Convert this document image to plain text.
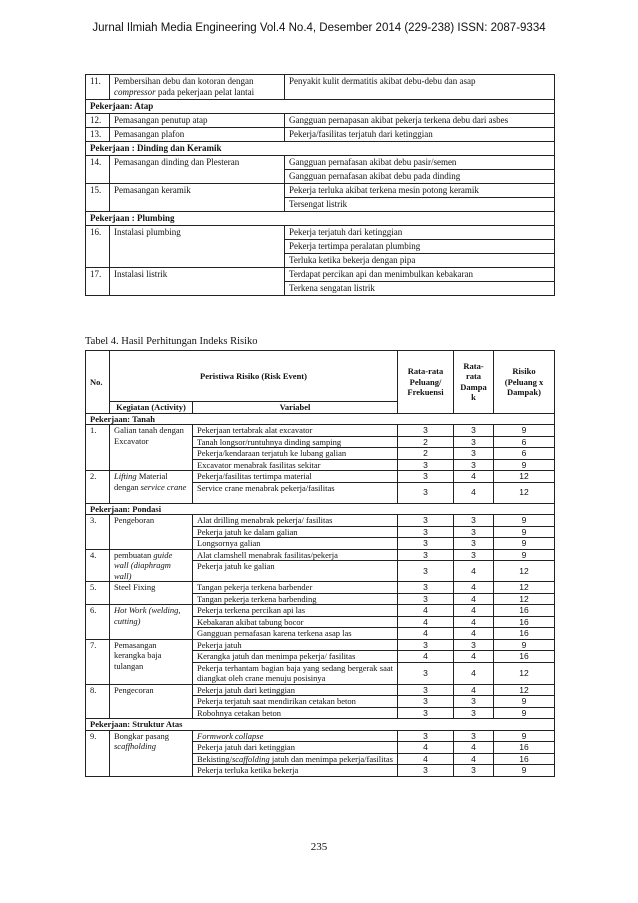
Jurnal Ilmiah Media Engineering Vol.4 No.4, Desember 2014 (229-238) ISSN: 2087-9334
11.	Pembersihan debu dan kotoran dengan compressor pada pekerjaan pelat lantai	Penyakit kulit dermatitis akibat debu-debu dan asap
Pekerjaan: Atap		
12.	Pemasangan penutup atap	Gangguan pernapasan akibat pekerja terkena debu dari asbes
13.	Pemasangan plafon	Pekerja/fasilitas terjatuh dari ketinggian
Pekerjaan : Dinding dan Keramik		
14.	Pemasangan dinding dan Plesteran	Gangguan pernafasan akibat debu pasir/semen
		Gangguan pernafasan akibat debu pada dinding
15.	Pemasangan keramik	Pekerja terluka akibat terkena mesin potong keramik
		Tersengat listrik
Pekerjaan : Plumbing		
16.	Instalasi plumbing	Pekerja terjatuh dari ketinggian
		Pekerja tertimpa peralatan plumbing
		Terluka ketika bekerja dengan pipa
17.	Instalasi listrik	Terdapat percikan api dan menimbulkan kebakaran
		Terkena sengatan listrik
Tabel 4. Hasil Perhitungan Indeks Risiko
No.	Peristiwa Risiko (Risk Event)		Rata-rata Peluang/ Frekuensi	Rata-rata Dampa k	Risiko (Peluang x Dampak)
	Kegiatan (Activity)	Variabel			
Pekerjaan: Tanah					
1.	Galian tanah dengan Excavator	Pekerjaan tertabrak alat excavator	3	3	9
		Tanah longsor/runtuhnya dinding samping	2	3	6
		Pekerja/kendaraan terjatuh ke lubang galian	2	3	6
		Excavator menabrak fasilitas sekitar	3	3	9
2.	Lifting Material dengan service crane	Pekerja/fasilitas tertimpa material	3	4	12
		Service crane menabrak pekerja/fasilitas	3	4	12
Pekerjaan: Pondasi					
3.	Pengeboran	Alat drilling menabrak pekerja/ fasilitas	3	3	9
		Pekerja jatuh ke dalam galian	3	3	9
		Longsornya galian	3	3	9
4.	pembuatan guide wall (diaphragm wall)	Alat clamshell menabrak fasilitas/pekerja	3	3	9
		Pekerja jatuh ke galian	3	4	12
5.	Steel Fixing	Tangan pekerja terkena barbender	3	4	12
		Tangan pekerja terkena barbending	3	4	12
6.	Hot Work (welding, cutting)	Pekerja terkena percikan api las	4	4	16
		Kebakaran akibat tabung bocor	4	4	16
		Gangguan pernafasan karena terkena asap las	4	4	16
7.	Pemasangan kerangka baja tulangan	Pekerja jatuh	3	3	9
		Kerangka jatuh dan menimpa pekerja/ fasilitas	4	4	16
		Pekerja terhantam bagian baja yang sedang bergerak saat diangkat oleh crane menuju posisinya	3	4	12
8.	Pengecoran	Pekerja jatuh dari ketinggian	3	4	12
		Pekerja terjatuh saat mendirikan cetakan beton	3	3	9
		Robohnya cetakan beton	3	3	9
Pekerjaan: Struktur Atas					
9.	Bongkar pasang scaffholding	Formwork collapse	3	3	9
		Pekerja jatuh dari ketinggian	4	4	16
		Bekisting/scaffolding jatuh dan menimpa pekerja/fasilitas	4	4	16
		Pekerja terluka ketika bekerja	3	3	9
235
